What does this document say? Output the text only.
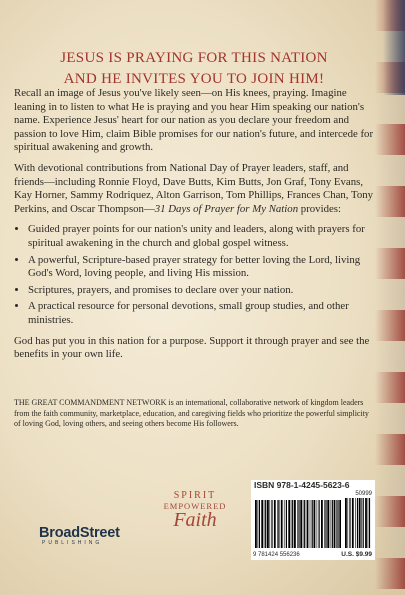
JESUS IS PRAYING FOR THIS NATION
AND HE INVITES YOU TO JOIN HIM!

Recall an image of Jesus you've likely seen—on His knees, praying. Imagine leaning in to listen to what He is praying and you hear Him speaking our nation's name. Experience Jesus' heart for our nation as you declare your freedom and passion to love Him, claim Bible promises for our nation's future, and intercede for spiritual awakening and growth.

With devotional contributions from National Day of Prayer leaders, staff, and friends—including Ronnie Floyd, Dave Butts, Kim Butts, Jon Graf, Tony Evans, Kay Horner, Sammy Rodriquez, Alton Garrison, Tom Phillips, Frances Chan, Tony Perkins, and Oscar Thompson—31 Days of Prayer for My Nation provides:

• Guided prayer points for our nation's unity and leaders, along with prayers for spiritual awakening in the church and global gospel witness.
• A powerful, Scripture-based prayer strategy for better loving the Lord, living God's Word, loving people, and living His mission.
• Scriptures, prayers, and promises to declare over your nation.
• A practical resource for personal devotions, small group studies, and other ministries.

God has put you in this nation for a purpose. Support it through prayer and see the benefits in your own life.

THE GREAT COMMANDMENT NETWORK is an international, collaborative network of kingdom leaders from the faith community, marketplace, education, and caregiving fields who prioritize the powerful simplicity of loving God, loving others, and seeing others become His followers.
BroadStreet
PUBLISHING
SPIRIT
EMPOWERED
Faith
ISBN 978-1-4245-5623-6
50999
9 781424 556236	U.S. $9.99
